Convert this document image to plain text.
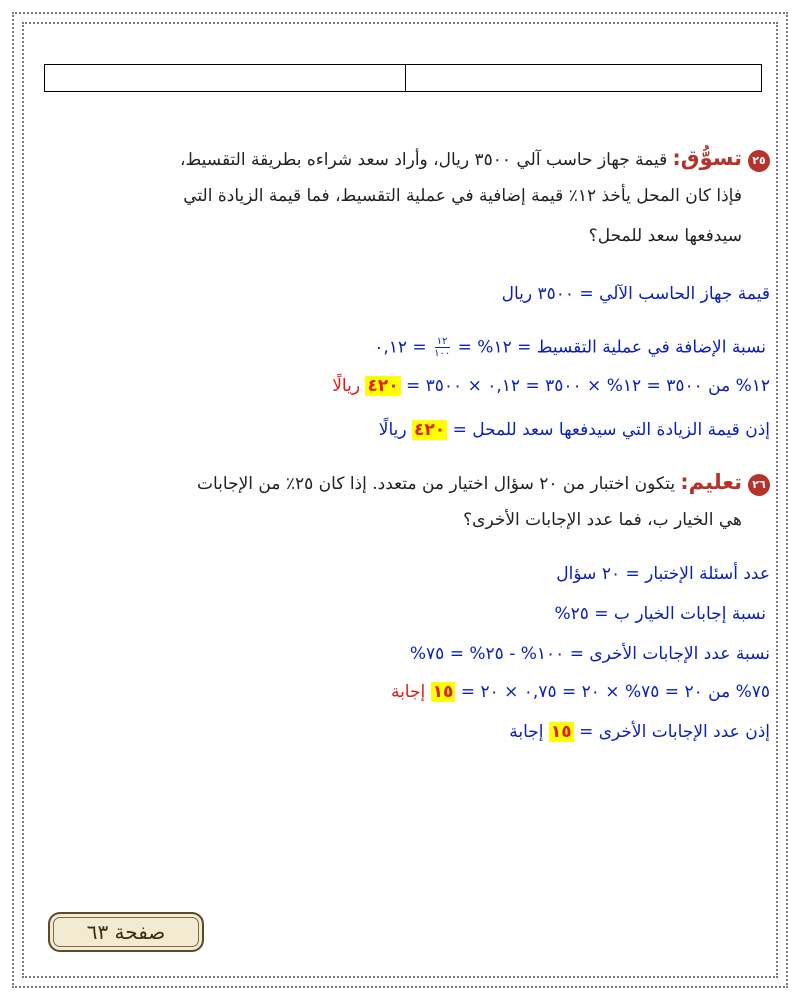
٢٥تسوُّق: قيمة جهاز حاسب آلي ٣٥٠٠ ريال، وأراد سعد شراءه بطريقة التقسيط،
فإذا كان المحل يأخذ ١٢٪ قيمة إضافية في عملية التقسيط، فما قيمة الزيادة التي
سيدفعها سعد للمحل؟
قيمة جهاز الحاسب الآلي = ٣٥٠٠ ريال
نسبة الإضافة في عملية التقسيط = ١٢% =
$\frac{١٢}{١٠٠}$
= ٠,١٢
١٢% من ٣٥٠٠ = ١٢% × ٣٥٠٠ = ٠,١٢ × ٣٥٠٠ = ٤٢٠ ريالًا
إذن قيمة الزيادة التي سيدفعها سعد للمحل = ٤٢٠ ريالًا
٢٦تعليم: يتكون اختبار من ٢٠ سؤال اختيار من متعدد. إذا كان ٢٥٪ من الإجابات
هي الخيار ب، فما عدد الإجابات الأخرى؟
عدد أسئلة الإختبار = ٢٠ سؤال
نسبة إجابات الخيار ب = ٢٥%
نسبة عدد الإجابات الأخرى = ١٠٠% - ٢٥% = ٧٥%
٧٥% من ٢٠ = ٧٥% × ٢٠ = ٠,٧٥ × ٢٠ = ١٥ إجابة
إذن عدد الإجابات الأخرى = ١٥ إجابة
صفحة ٦٣
